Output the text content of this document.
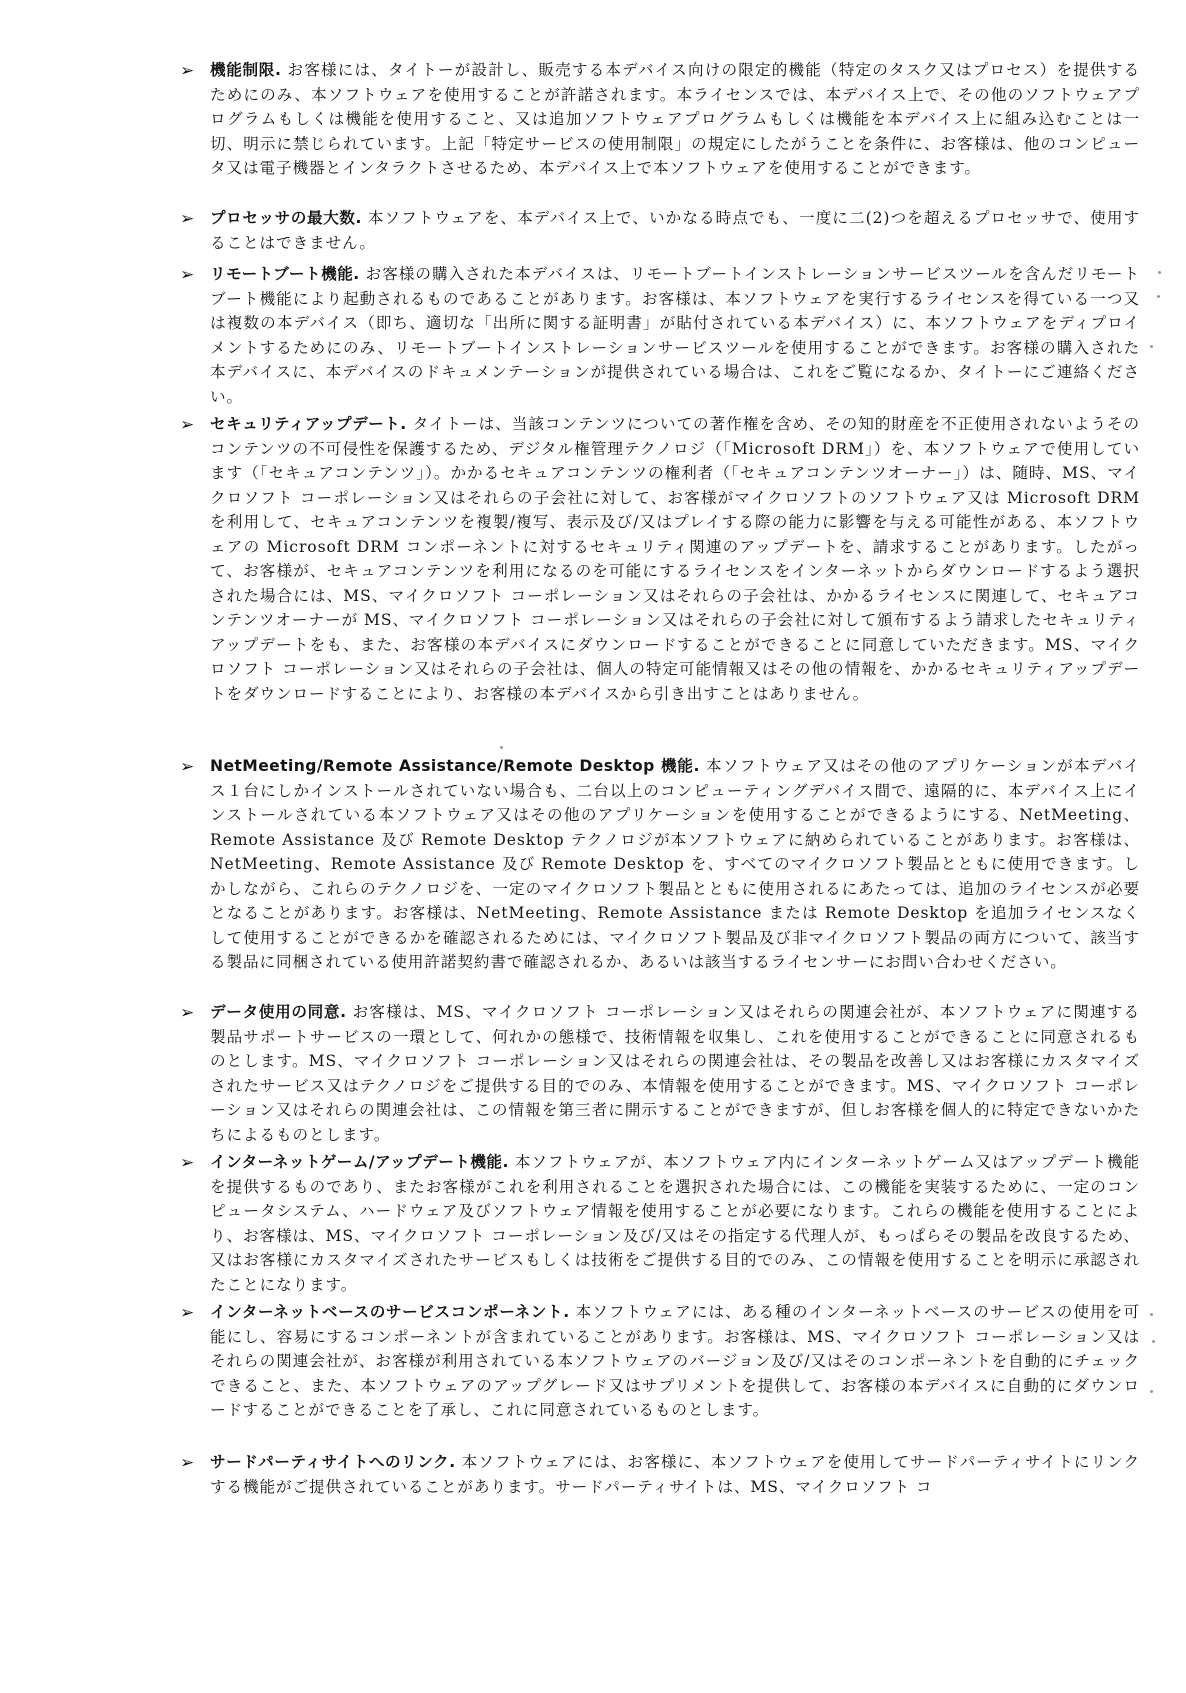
➢	機能制限. お客様には、タイトーが設計し、販売する本デバイス向けの限定的機能（特定のタスク又はプロセス）を提供するためにのみ、本ソフトウェアを使用することが許諾されます。本ライセンスでは、本デバイス上で、その他のソフトウェアプログラムもしくは機能を使用すること、又は追加ソフトウェアプログラムもしくは機能を本デバイス上に組み込むことは一切、明示に禁じられています。上記「特定サービスの使用制限」の規定にしたがうことを条件に、お客様は、他のコンピュータ又は電子機器とインタラクトさせるため、本デバイス上で本ソフトウェアを使用することができます。
➢	プロセッサの最大数. 本ソフトウェアを、本デバイス上で、いかなる時点でも、一度に二(2)つを超えるプロセッサで、使用することはできません。
➢	リモートブート機能. お客様の購入された本デバイスは、リモートブートインストレーションサービスツールを含んだリモートブート機能により起動されるものであることがあります。お客様は、本ソフトウェアを実行するライセンスを得ている一つ又は複数の本デバイス（即ち、適切な「出所に関する証明書」が貼付されている本デバイス）に、本ソフトウェアをディプロイメントするためにのみ、リモートブートインストレーションサービスツールを使用することができます。お客様の購入された本デバイスに、本デバイスのドキュメンテーションが提供されている場合は、これをご覧になるか、タイトーにご連絡ください。
➢	セキュリティアップデート. タイトーは、当該コンテンツについての著作権を含め、その知的財産を不正使用されないようそのコンテンツの不可侵性を保護するため、デジタル権管理テクノロジ（「Microsoft DRM」）を、本ソフトウェアで使用しています（「セキュアコンテンツ」）。かかるセキュアコンテンツの権利者（「セキュアコンテンツオーナー」）は、随時、MS、マイクロソフト コーポレーション又はそれらの子会社に対して、お客様がマイクロソフトのソフトウェア又は Microsoft DRM を利用して、セキュアコンテンツを複製/複写、表示及び/又はプレイする際の能力に影響を与える可能性がある、本ソフトウェアの Microsoft DRM コンポーネントに対するセキュリティ関連のアップデートを、請求することがあります。したがって、お客様が、セキュアコンテンツを利用になるのを可能にするライセンスをインターネットからダウンロードするよう選択された場合には、MS、マイクロソフト コーポレーション又はそれらの子会社は、かかるライセンスに関連して、セキュアコンテンツオーナーが MS、マイクロソフト コーポレーション又はそれらの子会社に対して頒布するよう請求したセキュリティアップデートをも、また、お客様の本デバイスにダウンロードすることができることに同意していただきます。MS、マイクロソフト コーポレーション又はそれらの子会社は、個人の特定可能情報又はその他の情報を、かかるセキュリティアップデートをダウンロードすることにより、お客様の本デバイスから引き出すことはありません。
➢	NetMeeting/Remote Assistance/Remote Desktop 機能. 本ソフトウェア又はその他のアプリケーションが本デバイス１台にしかインストールされていない場合も、二台以上のコンピューティングデバイス間で、遠隔的に、本デバイス上にインストールされている本ソフトウェア又はその他のアプリケーションを使用することができるようにする、NetMeeting、Remote Assistance 及び Remote Desktop テクノロジが本ソフトウェアに納められていることがあります。お客様は、NetMeeting、Remote Assistance 及び Remote Desktop を、すべてのマイクロソフト製品とともに使用できます。しかしながら、これらのテクノロジを、一定のマイクロソフト製品とともに使用されるにあたっては、追加のライセンスが必要となることがあります。お客様は、NetMeeting、Remote Assistance または Remote Desktop を追加ライセンスなくして使用することができるかを確認されるためには、マイクロソフト製品及び非マイクロソフト製品の両方について、該当する製品に同梱されている使用許諾契約書で確認されるか、あるいは該当するライセンサーにお問い合わせください。
➢	データ使用の同意. お客様は、MS、マイクロソフト コーポレーション又はそれらの関連会社が、本ソフトウェアに関連する製品サポートサービスの一環として、何れかの態様で、技術情報を収集し、これを使用することができることに同意されるものとします。MS、マイクロソフト コーポレーション又はそれらの関連会社は、その製品を改善し又はお客様にカスタマイズされたサービス又はテクノロジをご提供する目的でのみ、本情報を使用することができます。MS、マイクロソフト コーポレーション又はそれらの関連会社は、この情報を第三者に開示することができますが、但しお客様を個人的に特定できないかたちによるものとします。
➢	インターネットゲーム/アップデート機能. 本ソフトウェアが、本ソフトウェア内にインターネットゲーム又はアップデート機能を提供するものであり、またお客様がこれを利用されることを選択された場合には、この機能を実装するために、一定のコンピュータシステム、ハードウェア及びソフトウェア情報を使用することが必要になります。これらの機能を使用することにより、お客様は、MS、マイクロソフト コーポレーション及び/又はその指定する代理人が、もっぱらその製品を改良するため、又はお客様にカスタマイズされたサービスもしくは技術をご提供する目的でのみ、この情報を使用することを明示に承認されたことになります。
➢	インターネットベースのサービスコンポーネント. 本ソフトウェアには、ある種のインターネットベースのサービスの使用を可能にし、容易にするコンポーネントが含まれていることがあります。お客様は、MS、マイクロソフト コーポレーション又はそれらの関連会社が、お客様が利用されている本ソフトウェアのバージョン及び/又はそのコンポーネントを自動的にチェックできること、また、本ソフトウェアのアップグレード又はサプリメントを提供して、お客様の本デバイスに自動的にダウンロードすることができることを了承し、これに同意されているものとします。
➢	サードパーティサイトへのリンク. 本ソフトウェアには、お客様に、本ソフトウェアを使用してサードパーティサイトにリンクする機能がご提供されていることがあります。サードパーティサイトは、MS、マイクロソフト コ
